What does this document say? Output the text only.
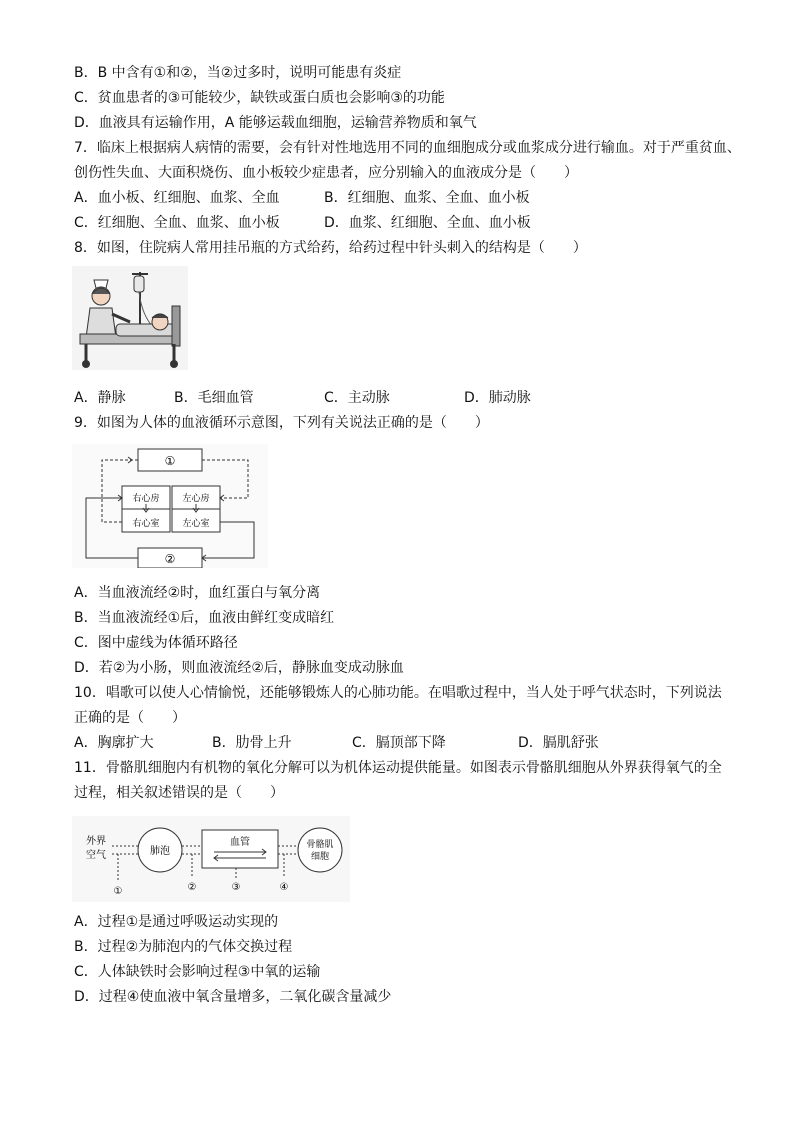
B．B 中含有①和②，当②过多时，说明可能患有炎症
C．贫血患者的③可能较少，缺铁或蛋白质也会影响③的功能
D．血液具有运输作用，A 能够运载血细胞，运输营养物质和氧气
7．临床上根据病人病情的需要，会有针对性地选用不同的血细胞成分或血浆成分进行输血。对于严重贫血、
创伤性失血、大面积烧伤、血小板较少症患者，应分别输入的血液成分是（　　）
A．血小板、红细胞、血浆、全血	B．红细胞、血浆、全血、血小板
C．红细胞、全血、血浆、血小板	D．血浆、红细胞、全血、血小板
8．如图，住院病人常用挂吊瓶的方式给药，给药过程中针头刺入的结构是（　　）
A．静脉	B．毛细血管	C．主动脉	D．肺动脉
9．如图为人体的血液循环示意图，下列有关说法正确的是（　　）
①
②
右心房
右心室
左心房
左心室
A．当血液流经②时，血红蛋白与氧分离
B．当血液流经①后，血液由鲜红变成暗红
C．图中虚线为体循环路径
D．若②为小肠，则血液流经②后，静脉血变成动脉血
10．唱歌可以使人心情愉悦，还能够锻炼人的心肺功能。在唱歌过程中，当人处于呼气状态时，下列说法
正确的是（　　）
A．胸廓扩大	B．肋骨上升	C．膈顶部下降	D．膈肌舒张
11．骨骼肌细胞内有机物的氧化分解可以为机体运动提供能量。如图表示骨骼肌细胞从外界获得氧气的全
过程，相关叙述错误的是（　　）
外界
空气	肺泡
血管	骨骼肌
细胞
①	②	③	④
A．过程①是通过呼吸运动实现的
B．过程②为肺泡内的气体交换过程
C．人体缺铁时会影响过程③中氧的运输
D．过程④使血液中氧含量增多，二氧化碳含量减少
